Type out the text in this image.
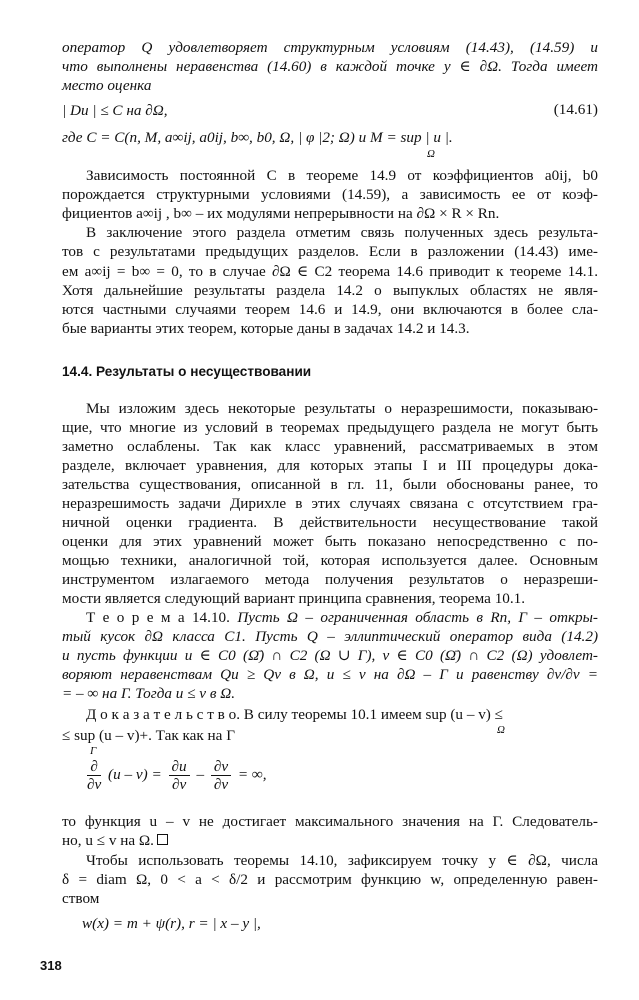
оператор Q удовлетворяет структурным условиям (14.43), (14.59) и
что выполнены неравенства (14.60) в каждой точке y ∈ ∂Ω. Тогда имеет
место оценка
| Du | ≤ C на ∂Ω,	(14.61)
где C = C(n, M, a∞ij, a0ij, b∞, b0, Ω, | φ |2; Ω) и M = sup | u |.
Ω
Зависимость постоянной C в теореме 14.9 от коэффициентов a0ij, b0
порождается структурными условиями (14.59), а зависимость ее от коэф-
фициентов a∞ij , b∞ – их модулями непрерывности на ∂Ω × R × Rn.
В заключение этого раздела отметим связь полученных здесь результа-
тов с результатами предыдущих разделов. Если в разложении (14.43) име-
ем a∞ij = b∞ = 0, то в случае ∂Ω ∈ C2 теорема 14.6 приводит к теореме 14.1.
Хотя дальнейшие результаты раздела 14.2 о выпуклых областях не явля-
ются частными случаями теорем 14.6 и 14.9, они включаются в более сла-
бые варианты этих теорем, которые даны в задачах 14.2 и 14.3.
14.4. Результаты о несуществовании
Мы изложим здесь некоторые результаты о неразрешимости, показываю-
щие, что многие из условий в теоремах предыдущего раздела не могут быть
заметно ослаблены. Так как класс уравнений, рассматриваемых в этом
разделе, включает уравнения, для которых этапы I и III процедуры дока-
зательства существования, описанной в гл. 11, были обоснованы ранее, то
неразрешимость задачи Дирихле в этих случаях связана с отсутствием гра-
ничной оценки градиента. В действительности несуществование такой
оценки для этих уравнений может быть показано непосредственно с по-
мощью техники, аналогичной той, которая используется далее. Основным
инструментом излагаемого метода получения результатов о неразреши-
мости является следующий вариант принципа сравнения, теорема 10.1.
Т е о р е м а 14.10. Пусть Ω – ограниченная область в Rn, Γ – откры-
тый кусок ∂Ω класса C1. Пусть Q – эллиптический оператор вида (14.2)
и пусть функции u ∈ C0 (Ω̄) ∩ C2 (Ω ∪ Γ), v ∈ C0 (Ω̄) ∩ C2 (Ω) удовлет-
воряют неравенствам Qu ≥ Qv в Ω, u ≤ v на ∂Ω – Γ и равенству ∂v/∂ν =
= – ∞ на Γ. Тогда u ≤ v в Ω.
Д о к а з а т е л ь с т в о. В силу теоремы 10.1 имеем sup (u – v) ≤
Ω
≤ sup (u – v)+. Так как на Γ
Γ
$\frac{\partial}{\partial\nu} (u - v) = \frac{\partial u}{\partial\nu} - \frac{\partial v}{\partial\nu}$ = ∞,
то функция u – v не достигает максимального значения на Γ. Следователь-
но, u ≤ v на Ω.
Чтобы использовать теоремы 14.10, зафиксируем точку y ∈ ∂Ω, числа
δ = diam Ω, 0 < a < δ/2 и рассмотрим функцию w, определенную равен-
ством
w(x) = m + ψ(r), r = | x – y |,
318
